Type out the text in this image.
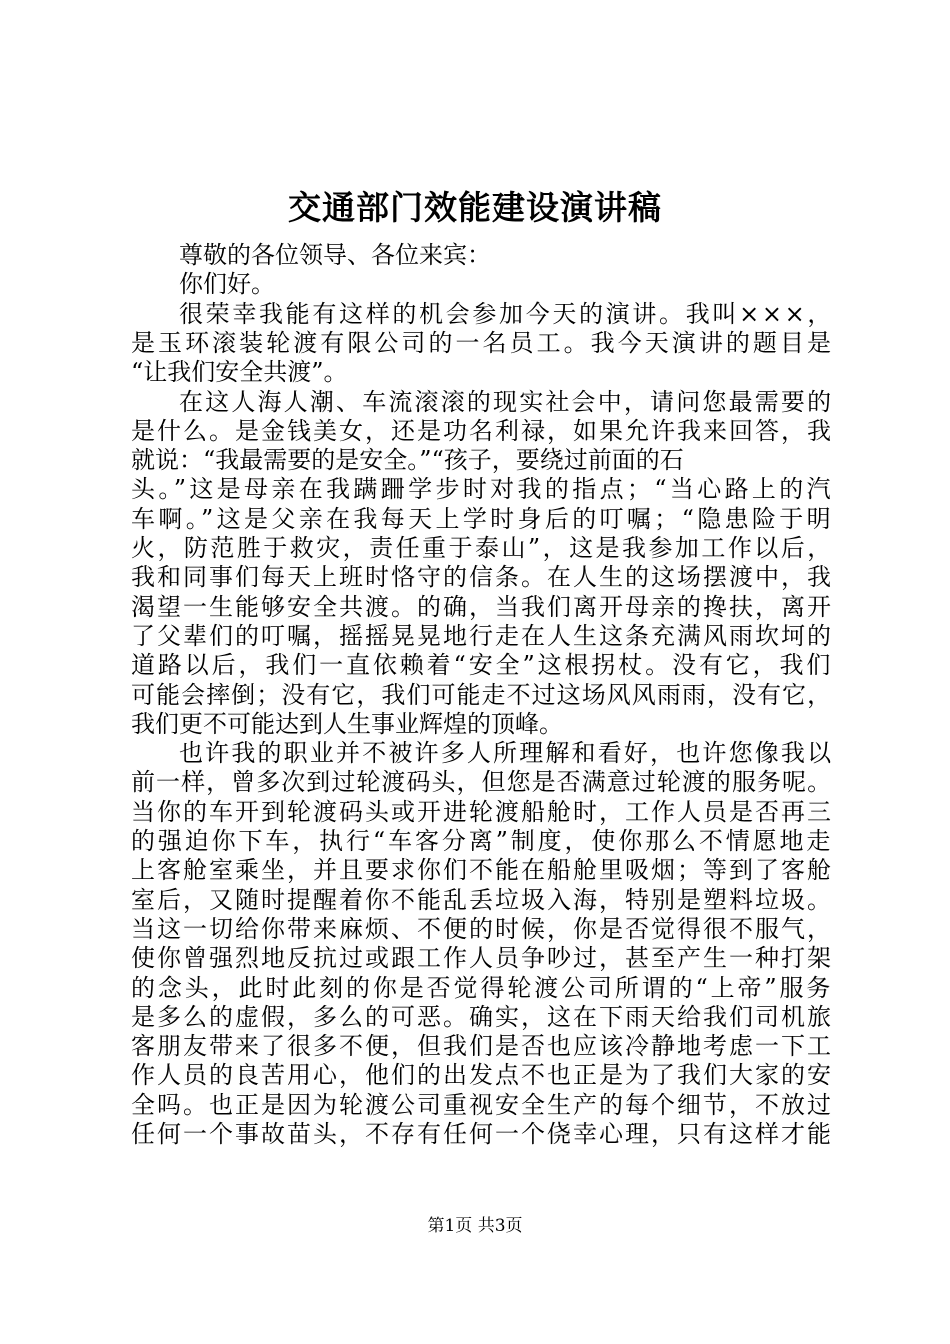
交通部门效能建设演讲稿
尊敬的各位领导、各位来宾：
你们好。
很荣幸我能有这样的机会参加今天的演讲。我叫×××，
是玉环滚装轮渡有限公司的一名员工。我今天演讲的题目是
“让我们安全共渡”。
在这人海人潮、车流滚滚的现实社会中，请问您最需要的
是什么。是金钱美女，还是功名利禄，如果允许我来回答，我
就说：“我最需要的是安全。”“孩子，要绕过前面的石
头。”这是母亲在我蹒跚学步时对我的指点；“当心路上的汽
车啊。”这是父亲在我每天上学时身后的叮嘱；“隐患险于明
火，防范胜于救灾，责任重于泰山”，这是我参加工作以后，
我和同事们每天上班时恪守的信条。在人生的这场摆渡中，我
渴望一生能够安全共渡。的确，当我们离开母亲的搀扶，离开
了父辈们的叮嘱，摇摇晃晃地行走在人生这条充满风雨坎坷的
道路以后，我们一直依赖着“安全”这根拐杖。没有它，我们
可能会摔倒；没有它，我们可能走不过这场风风雨雨，没有它，
我们更不可能达到人生事业辉煌的顶峰。
也许我的职业并不被许多人所理解和看好，也许您像我以
前一样，曾多次到过轮渡码头，但您是否满意过轮渡的服务呢。
当你的车开到轮渡码头或开进轮渡船舱时，工作人员是否再三
的强迫你下车，执行“车客分离”制度，使你那么不情愿地走
上客舱室乘坐，并且要求你们不能在船舱里吸烟；等到了客舱
室后，又随时提醒着你不能乱丢垃圾入海，特别是塑料垃圾。
当这一切给你带来麻烦、不便的时候，你是否觉得很不服气，
使你曾强烈地反抗过或跟工作人员争吵过，甚至产生一种打架
的念头，此时此刻的你是否觉得轮渡公司所谓的“上帝”服务
是多么的虚假，多么的可恶。确实，这在下雨天给我们司机旅
客朋友带来了很多不便，但我们是否也应该冷静地考虑一下工
作人员的良苦用心，他们的出发点不也正是为了我们大家的安
全吗。也正是因为轮渡公司重视安全生产的每个细节，不放过
任何一个事故苗头，不存有任何一个侥幸心理，只有这样才能
第1页 共3页
